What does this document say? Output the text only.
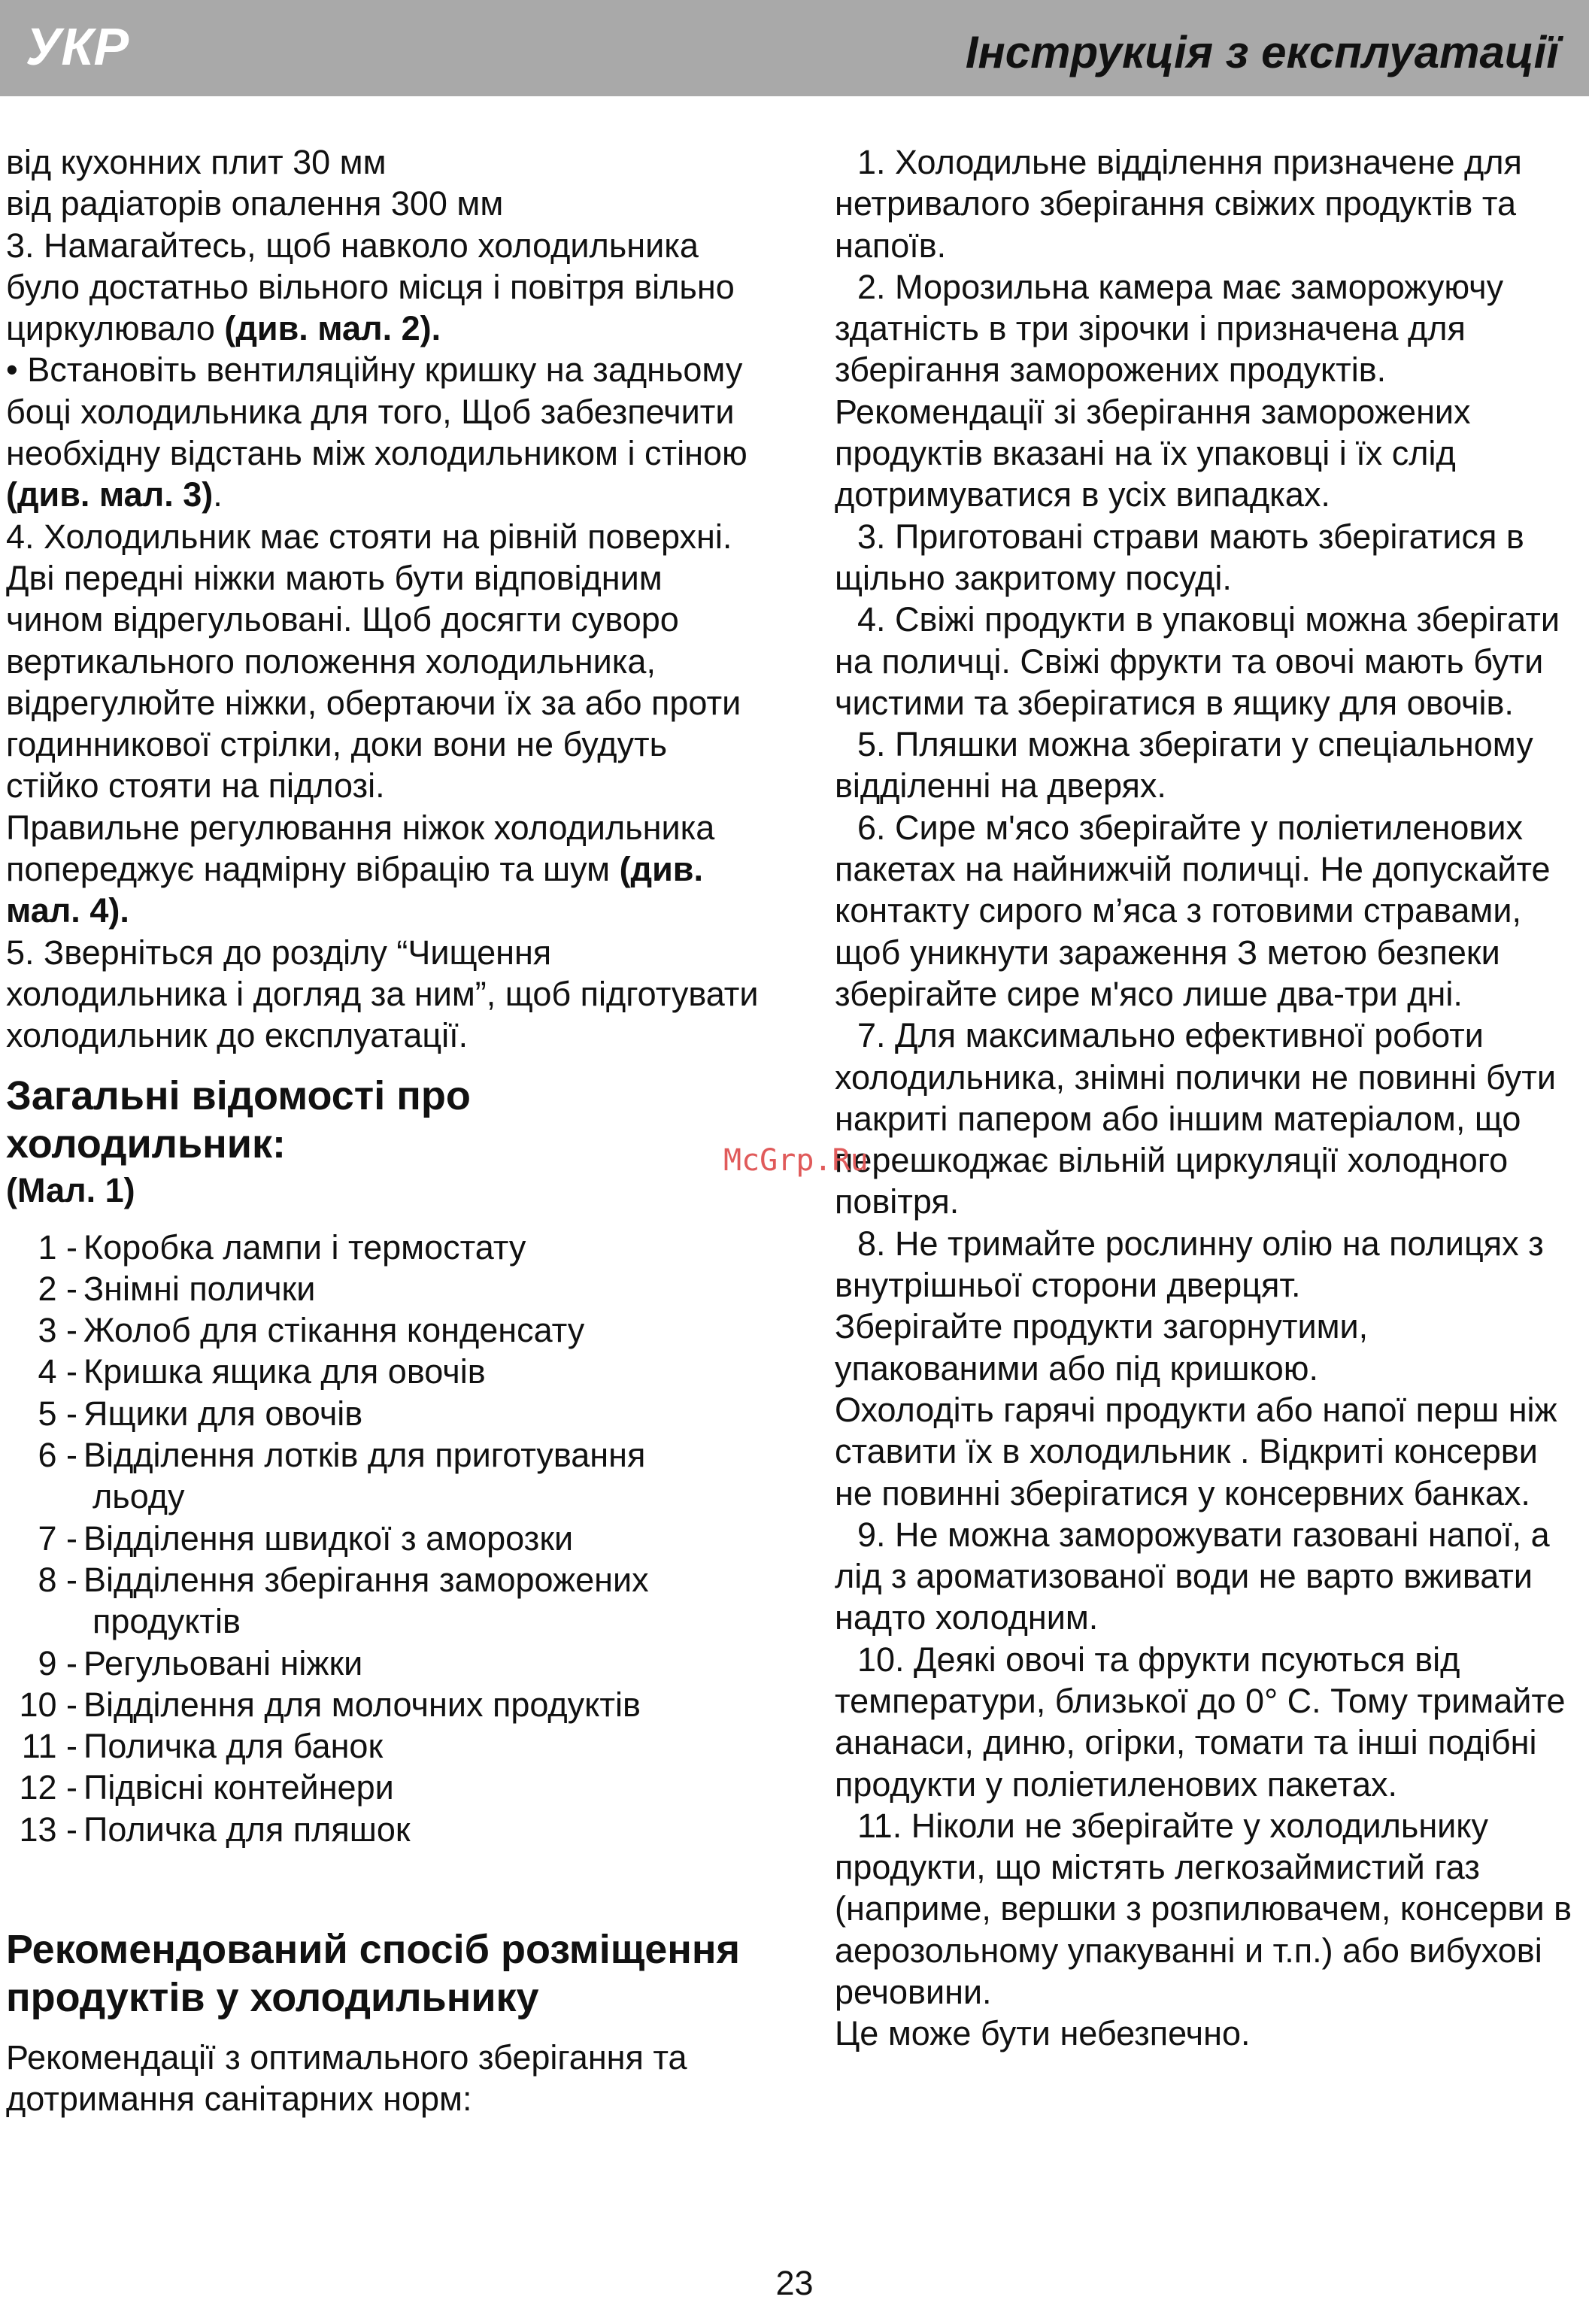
УКР	Інструкція з експлуатації

від кухонних плит 30 мм

від радіаторів опалення 300 мм

3. Намагайтесь, щоб навколо холодильника було достатньо вільного місця і повітря вільно циркулювало (див. мал. 2).

• Встановіть вентиляційну кришку на задньому боці холодильника для того, Щоб забезпечити необхідну відстань між холодильником і стіною (див. мал. 3).

4. Холодильник має стояти на рівній поверхні. Дві передні ніжки мають бути відповідним чином відрегульовані. Щоб досягти суворо вертикального положення холодильника, відрегулюйте ніжки, обертаючи їх за або проти годинникової стрілки, доки вони не будуть стійко стояти на підлозі.

Правильне регулювання ніжок холодильника попереджує надмірну вібрацію та шум (див. мал. 4).

5. Зверніться до розділу “Чищення холодильника і догляд за ним”, щоб підготувати холодильник до експлуатації.

Загальні відомості про
холодильник:

(Мал. 1)

1 - Коробка лампи і термостату
2 - Знімні полички
3 - Жолоб для стікання конденсату
4 - Кришка ящика для овочів
5 - Ящики для овочів
6 - Відділення лотків для приготування

льоду

7 - Відділення швидкої з аморозки
8 - Відділення зберігання заморожених

продуктів

9 - Регульовані ніжки
10 - Відділення для молочних продуктів
11 - Поличка для банок
12 - Підвісні контейнери
13 - Поличка для пляшок

Рекомендований спосіб розміщення
продуктів у холодильнику

Рекомендації з оптимального зберігання та дотримання санітарних норм:

1. Холодильне відділення призначене для нетривалого зберігання свіжих продуктів та напоїв.

2. Морозильна камера має заморожуючу здатність в три зірочки і призначена для зберігання заморожених продуктів.

Рекомендації зі зберігання заморожених продуктів вказані на їх упаковці і їх слід дотримуватися в усіх випадках.

3. Приготовані страви мають зберігатися в щільно закритому посуді.

4. Свіжі продукти в упаковці можна зберігати на поличці. Свіжі фрукти та овочі мають бути чистими та зберігатися в ящику для овочів.

5. Пляшки можна зберігати у спеціальному відділенні на дверях.

6. Сире м'ясо зберігайте у поліетиленових пакетах на найнижчій поличці. Не допускайте контакту сирого м’яса з готовими стравами, щоб уникнути зараження З метою безпеки зберігайте сире м'ясо лише два-три дні.

7. Для максимально ефективної роботи холодильника, знімні полички не повинні бути накриті папером або іншим матеріалом, що перешкоджає вільній циркуляції холодного повітря.

8. Не тримайте рослинну олію на полицях з внутрішньої сторони дверцят.

Зберігайте продукти загорнутими, упакованими або під кришкою.

Охолодіть гарячі продукти або напої перш ніж ставити їх в холодильник . Відкриті консерви не повинні зберігатися у консервних банках.

9. Не можна заморожувати газовані напої, а лід з ароматизованої води не варто вживати надто холодним.

10. Деякі овочі та фрукти псуються від температури, близької до 0° С. Тому тримайте ананаси, диню, огірки, томати та інші подібні продукти у поліетиленових пакетах.

11. Ніколи не зберігайте у холодильнику продукти, що містять легкозаймистий газ (наприме, вершки з розпилювачем, консерви в аерозольному упакуванні и т.п.) або вибухові речовини.

Це може бути небезпечно.

McGrp.Ru
23
